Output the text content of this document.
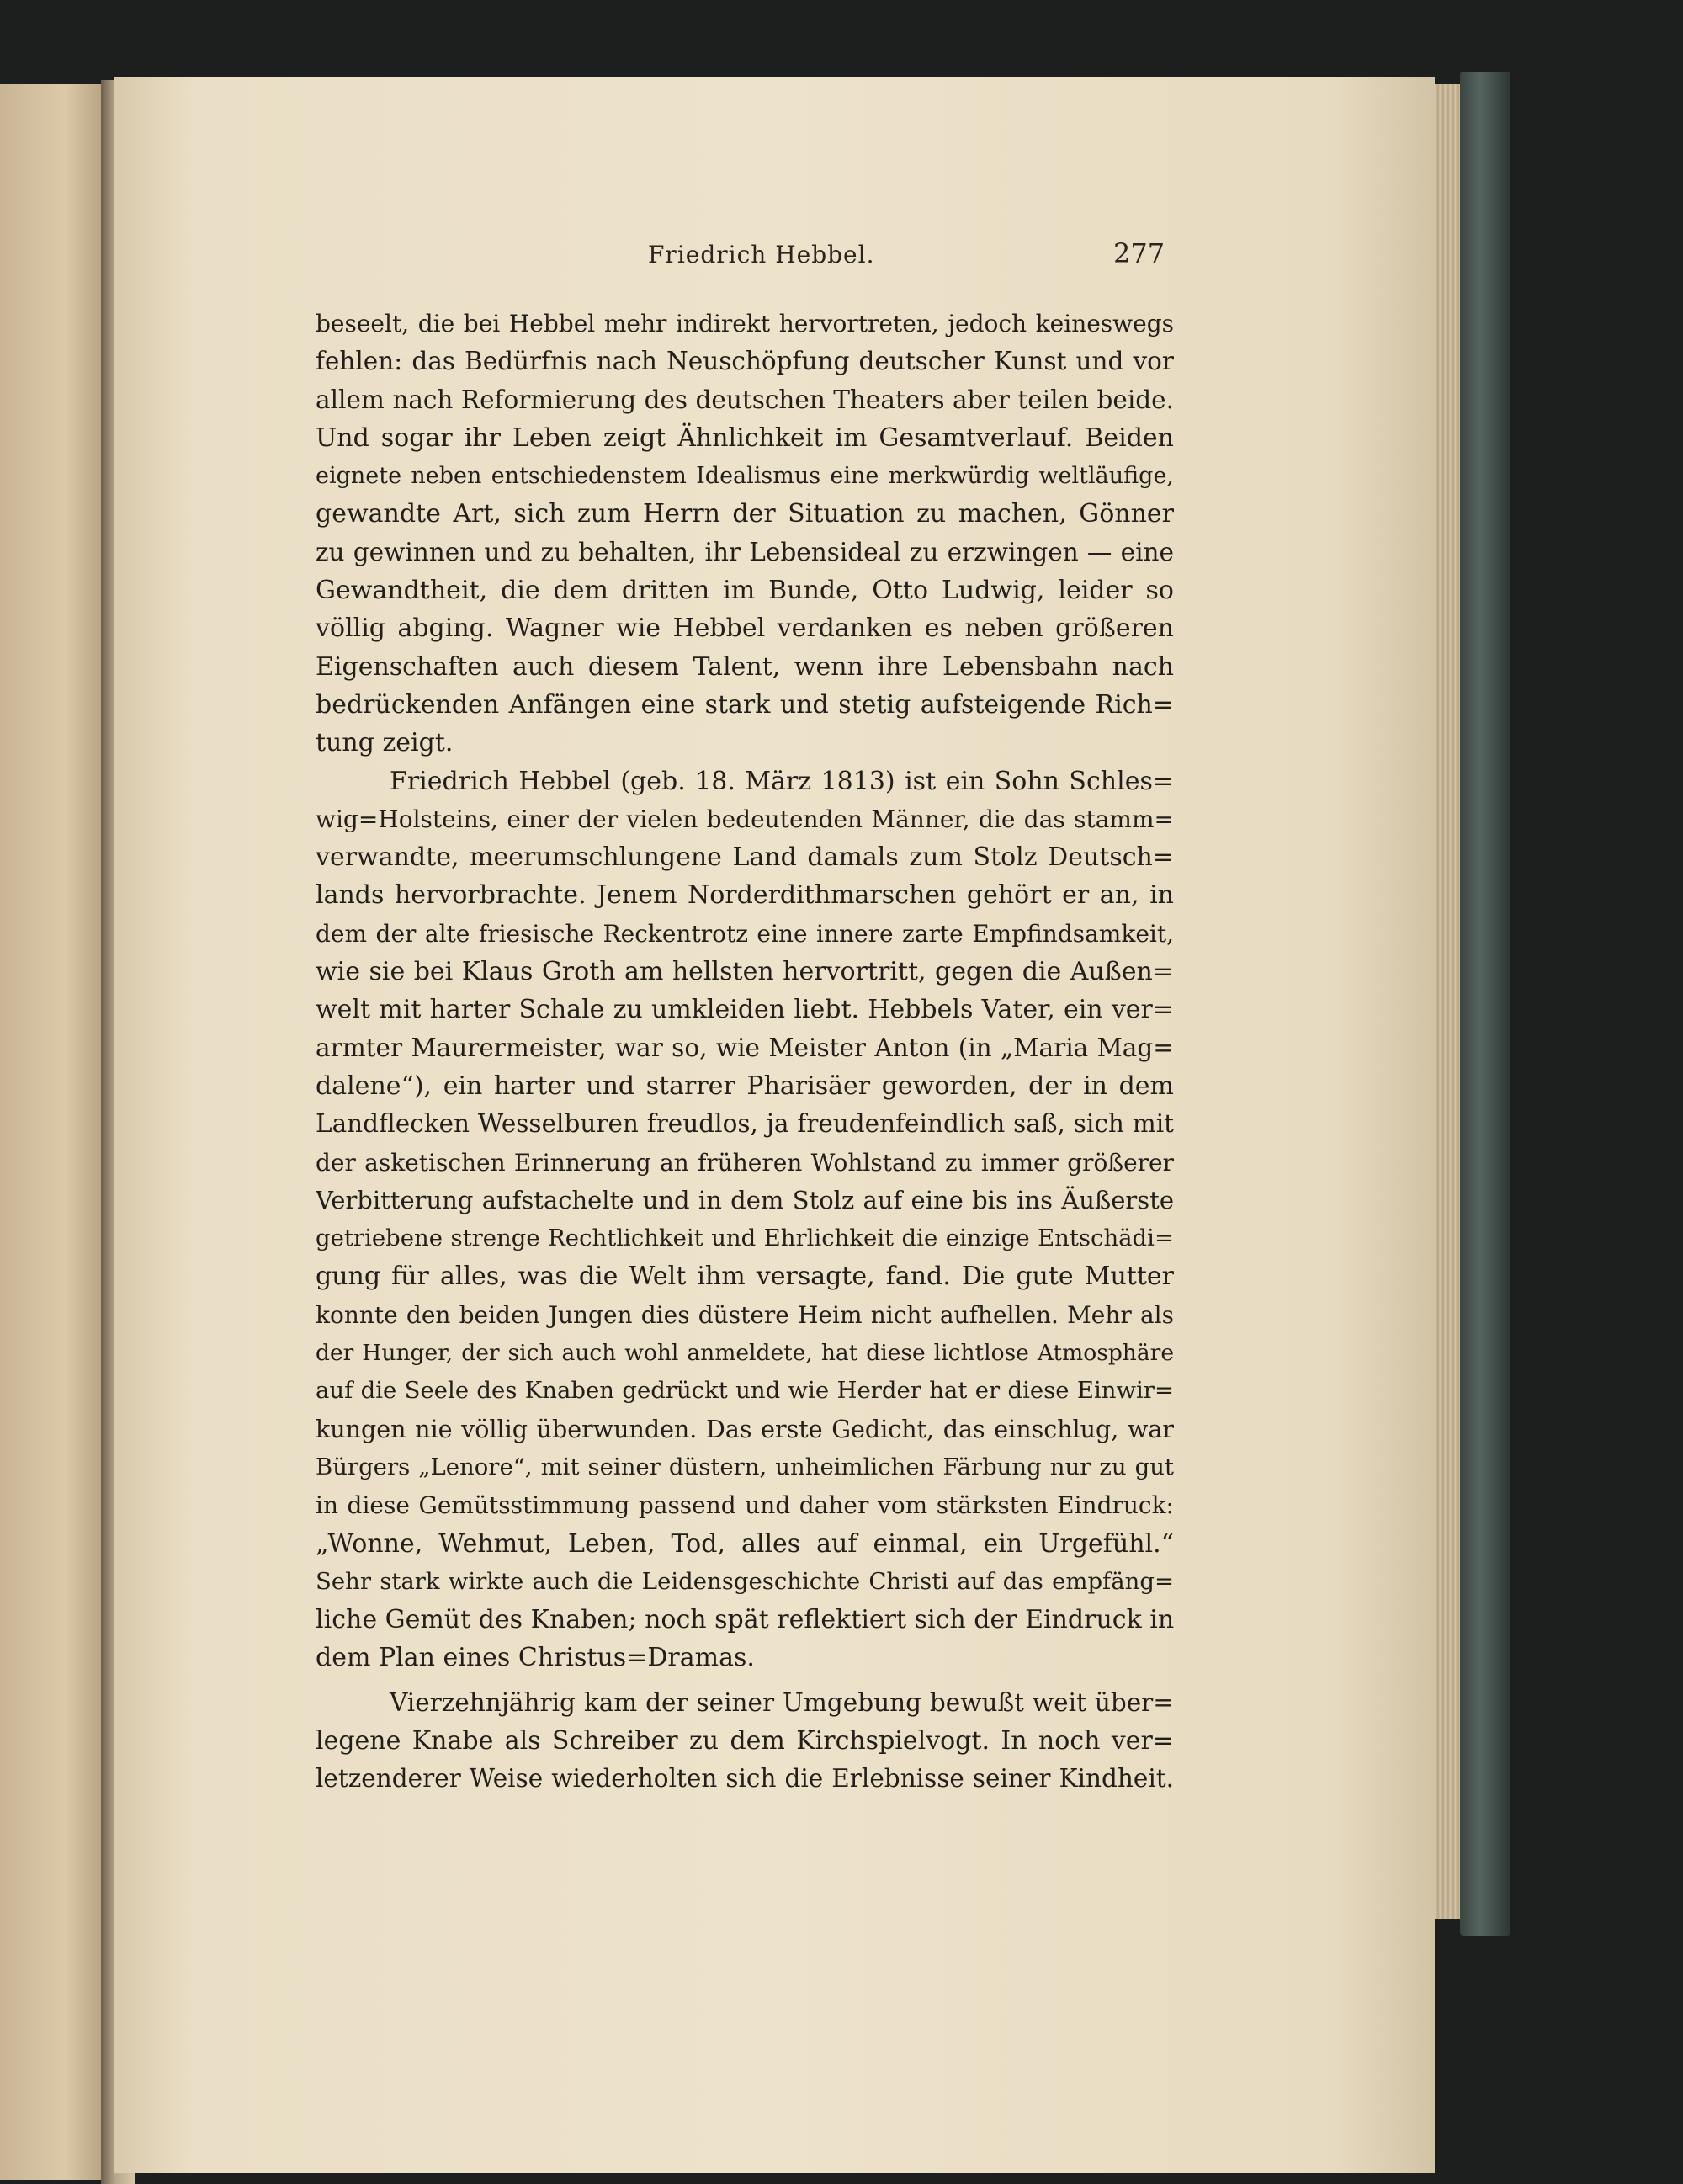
Friedrich Hebbel.	277
beseelt, die bei Hebbel mehr indirekt hervortreten, jedoch keineswegs
fehlen: das Bedürfnis nach Neuschöpfung deutscher Kunst und vor
allem nach Reformierung des deutschen Theaters aber teilen beide.
Und sogar ihr Leben zeigt Ähnlichkeit im Gesamtverlauf. Beiden
eignete neben entschiedenstem Idealismus eine merkwürdig weltläufige,
gewandte Art, sich zum Herrn der Situation zu machen, Gönner
zu gewinnen und zu behalten, ihr Lebensideal zu erzwingen — eine
Gewandtheit, die dem dritten im Bunde, Otto Ludwig, leider so
völlig abging. Wagner wie Hebbel verdanken es neben größeren
Eigenschaften auch diesem Talent, wenn ihre Lebensbahn nach
bedrückenden Anfängen eine stark und stetig aufsteigende Rich=
tung zeigt.
Friedrich Hebbel (geb. 18. März 1813) ist ein Sohn Schles=
wig=Holsteins, einer der vielen bedeutenden Männer, die das stamm=
verwandte, meerumschlungene Land damals zum Stolz Deutsch=
lands hervorbrachte. Jenem Norderdithmarschen gehört er an, in
dem der alte friesische Reckentrotz eine innere zarte Empfindsamkeit,
wie sie bei Klaus Groth am hellsten hervortritt, gegen die Außen=
welt mit harter Schale zu umkleiden liebt. Hebbels Vater, ein ver=
armter Maurermeister, war so, wie Meister Anton (in „Maria Mag=
dalene“), ein harter und starrer Pharisäer geworden, der in dem
Landflecken Wesselburen freudlos, ja freudenfeindlich saß, sich mit
der asketischen Erinnerung an früheren Wohlstand zu immer größerer
Verbitterung aufstachelte und in dem Stolz auf eine bis ins Äußerste
getriebene strenge Rechtlichkeit und Ehrlichkeit die einzige Entschädi=
gung für alles, was die Welt ihm versagte, fand. Die gute Mutter
konnte den beiden Jungen dies düstere Heim nicht aufhellen. Mehr als
der Hunger, der sich auch wohl anmeldete, hat diese lichtlose Atmosphäre
auf die Seele des Knaben gedrückt und wie Herder hat er diese Einwir=
kungen nie völlig überwunden. Das erste Gedicht, das einschlug, war
Bürgers „Lenore“, mit seiner düstern, unheimlichen Färbung nur zu gut
in diese Gemütsstimmung passend und daher vom stärksten Eindruck:
„Wonne, Wehmut, Leben, Tod, alles auf einmal, ein Urgefühl.“
Sehr stark wirkte auch die Leidensgeschichte Christi auf das empfäng=
liche Gemüt des Knaben; noch spät reflektiert sich der Eindruck in
dem Plan eines Christus=Dramas.
Vierzehnjährig kam der seiner Umgebung bewußt weit über=
legene Knabe als Schreiber zu dem Kirchspielvogt. In noch ver=
letzenderer Weise wiederholten sich die Erlebnisse seiner Kindheit.
